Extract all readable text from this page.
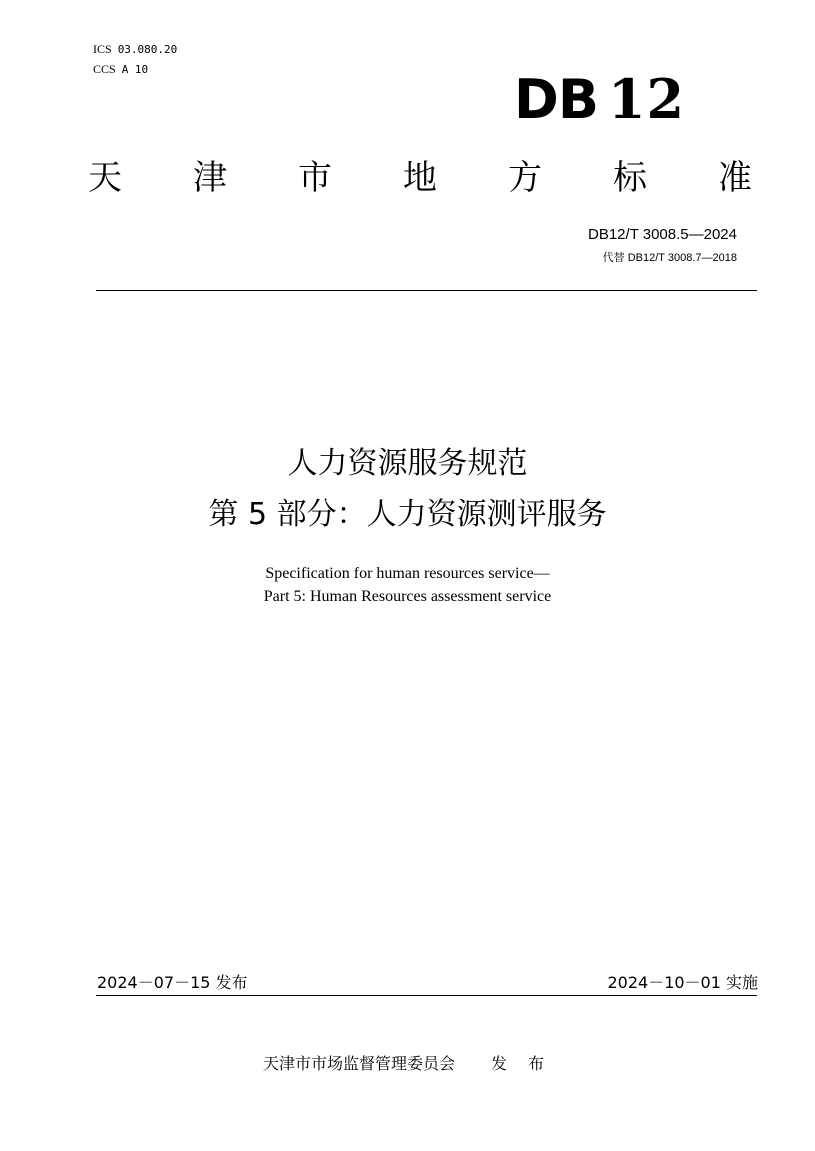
ICS 03.080.20
CCS A 10	DB 12
天 津 市 地 方 标 准
DB12/T 3008.5—2024
代替 DB12/T 3008.7—2018
人力资源服务规范
第 5 部分：人力资源测评服务
Specification for human resources service—
Part 5: Human Resources assessment service
2024－07－15 发布	2024－10－01 实施
天津市市场监督管理委员会 发 布
